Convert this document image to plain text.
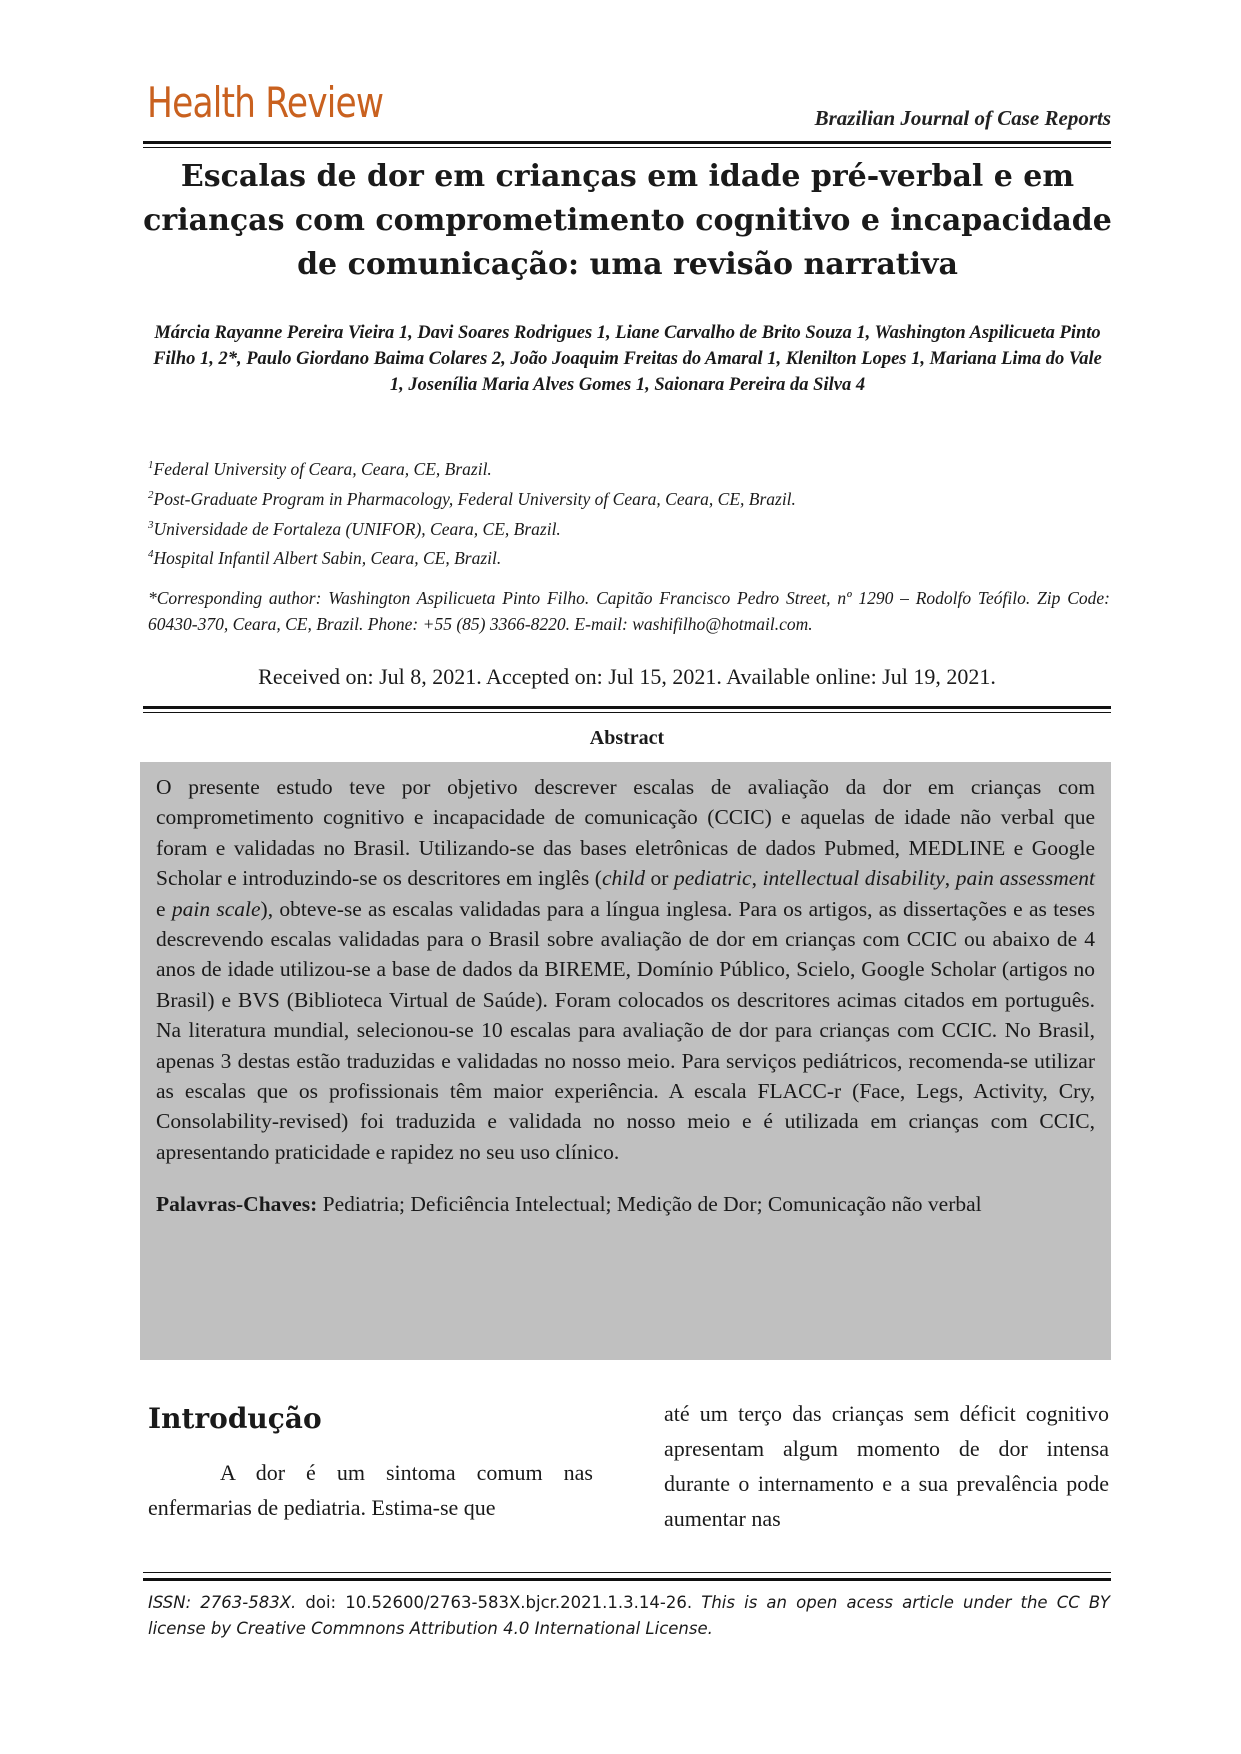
Health Review	Brazilian Journal of Case Reports
Escalas de dor em crianças em idade pré-verbal e em crianças com comprometimento cognitivo e incapacidade de comunicação: uma revisão narrativa
Márcia Rayanne Pereira Vieira 1, Davi Soares Rodrigues 1, Liane Carvalho de Brito Souza 1, Washington Aspilicueta Pinto Filho 1, 2*, Paulo Giordano Baima Colares 2, João Joaquim Freitas do Amaral 1, Klenilton Lopes 1, Mariana Lima do Vale 1, Josenília Maria Alves Gomes 1, Saionara Pereira da Silva 4
$^1$Federal University of Ceara, Ceara, CE, Brazil.
$^2$Post-Graduate Program in Pharmacology, Federal University of Ceara, Ceara, CE, Brazil.
$^3$Universidade de Fortaleza (UNIFOR), Ceara, CE, Brazil.
$^4$Hospital Infantil Albert Sabin, Ceara, CE, Brazil.
*Corresponding author: Washington Aspilicueta Pinto Filho. Capitão Francisco Pedro Street, nº 1290 – Rodolfo Teófilo. Zip Code: 60430-370, Ceara, CE, Brazil. Phone: +55 (85) 3366-8220. E-mail: washifilho@hotmail.com.
Received on: Jul 8, 2021. Accepted on: Jul 15, 2021. Available online: Jul 19, 2021.
Abstract

O presente estudo teve por objetivo descrever escalas de avaliação da dor em crianças com comprometimento cognitivo e incapacidade de comunicação (CCIC) e aquelas de idade não verbal que foram e validadas no Brasil. Utilizando-se das bases eletrônicas de dados Pubmed, MEDLINE e Google Scholar e introduzindo-se os descritores em inglês (child or pediatric, intellectual disability, pain assessment e pain scale), obteve-se as escalas validadas para a língua inglesa. Para os artigos, as dissertações e as teses descrevendo escalas validadas para o Brasil sobre avaliação de dor em crianças com CCIC ou abaixo de 4 anos de idade utilizou-se a base de dados da BIREME, Domínio Público, Scielo, Google Scholar (artigos no Brasil) e BVS (Biblioteca Virtual de Saúde). Foram colocados os descritores acimas citados em português. Na literatura mundial, selecionou-se 10 escalas para avaliação de dor para crianças com CCIC. No Brasil, apenas 3 destas estão traduzidas e validadas no nosso meio. Para serviços pediátricos, recomenda-se utilizar as escalas que os profissionais têm maior experiência. A escala FLACC-r (Face, Legs, Activity, Cry, Consolability-revised) foi traduzida e validada no nosso meio e é utilizada em crianças com CCIC, apresentando praticidade e rapidez no seu uso clínico.

Palavras-Chaves: Pediatria; Deficiência Intelectual; Medição de Dor; Comunicação não verbal

Introdução
A dor é um sintoma comum nas enfermarias de pediatria. Estima-se que
até um terço das crianças sem déficit cognitivo apresentam algum momento de dor intensa durante o internamento e a sua prevalência pode aumentar nas
ISSN: 2763-583X. doi: 10.52600/2763-583X.bjcr.2021.1.3.14-26. This is an open acess article under the CC BY license by Creative Commnons Attribution 4.0 International License.
